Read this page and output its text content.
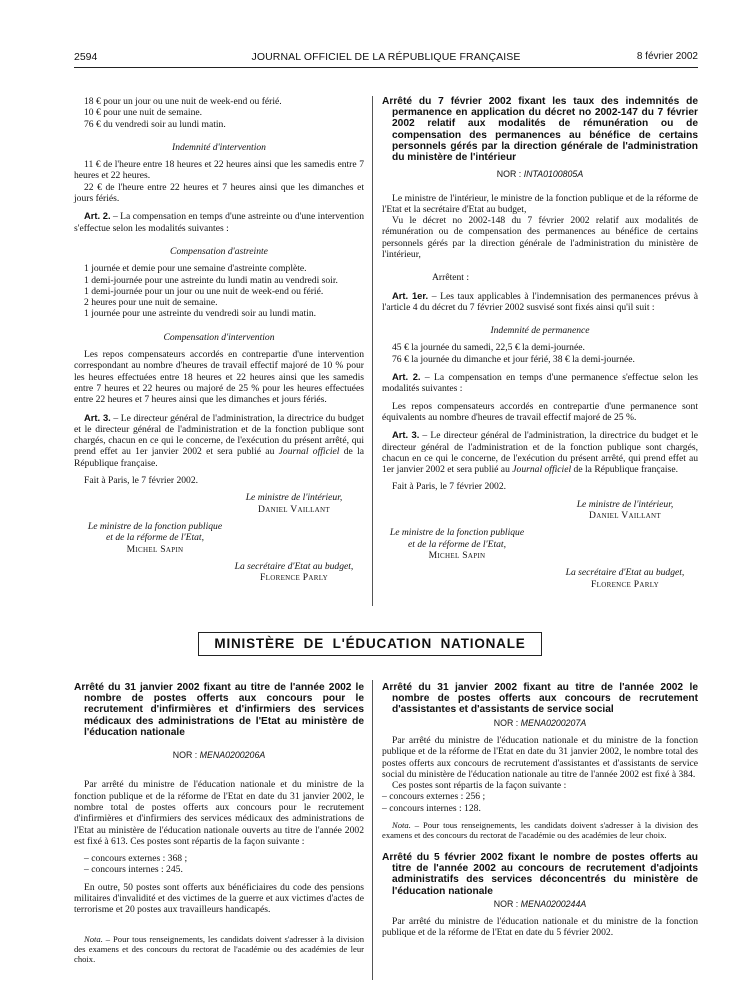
2594	JOURNAL OFFICIEL DE LA RÉPUBLIQUE FRANÇAISE	8 février 2002

18 € pour un jour ou une nuit de week-end ou férié.

10 € pour une nuit de semaine.

76 € du vendredi soir au lundi matin.

Indemnité d'intervention

11 € de l'heure entre 18 heures et 22 heures ainsi que les samedis entre 7 heures et 22 heures.

22 € de l'heure entre 22 heures et 7 heures ainsi que les dimanches et jours fériés.

Art. 2. – La compensation en temps d'une astreinte ou d'une intervention s'effectue selon les modalités suivantes :

Compensation d'astreinte

1 journée et demie pour une semaine d'astreinte complète.

1 demi-journée pour une astreinte du lundi matin au vendredi soir.

1 demi-journée pour un jour ou une nuit de week-end ou férié.

2 heures pour une nuit de semaine.

1 journée pour une astreinte du vendredi soir au lundi matin.

Compensation d'intervention

Les repos compensateurs accordés en contrepartie d'une intervention correspondant au nombre d'heures de travail effectif majoré de 10 % pour les heures effectuées entre 18 heures et 22 heures ainsi que les samedis entre 7 heures et 22 heures ou majoré de 25 % pour les heures effectuées entre 22 heures et 7 heures ainsi que les dimanches et jours fériés.

Art. 3. – Le directeur général de l'administration, la directrice du budget et le directeur général de l'administration et de la fonction publique sont chargés, chacun en ce qui le concerne, de l'exécution du présent arrêté, qui prend effet au 1er janvier 2002 et sera publié au Journal officiel de la République française.

Fait à Paris, le 7 février 2002.

Le ministre de l'intérieur,
Daniel Vaillant
Le ministre de la fonction publique
et de la réforme de l'Etat,
Michel Sapin
La secrétaire d'Etat au budget,
Florence Parly

Arrêté du 7 février 2002 fixant les taux des indemnités de permanence en application du décret no 2002-147 du 7 février 2002 relatif aux modalités de rémunération ou de compensation des permanences au bénéfice de certains personnels gérés par la direction générale de l'administration du ministère de l'intérieur

NOR : INTA0100805A

Le ministre de l'intérieur, le ministre de la fonction publique et de la réforme de l'Etat et la secrétaire d'Etat au budget,

Vu le décret no 2002-148 du 7 février 2002 relatif aux modalités de rémunération ou de compensation des permanences au bénéfice de certains personnels gérés par la direction générale de l'administration du ministère de l'intérieur,

Arrêtent :

Art. 1er. – Les taux applicables à l'indemnisation des permanences prévus à l'article 4 du décret du 7 février 2002 susvisé sont fixés ainsi qu'il suit :

Indemnité de permanence

45 € la journée du samedi, 22,5 € la demi-journée.

76 € la journée du dimanche et jour férié, 38 € la demi-journée.

Art. 2. – La compensation en temps d'une permanence s'effectue selon les modalités suivantes :

Les repos compensateurs accordés en contrepartie d'une permanence sont équivalents au nombre d'heures de travail effectif majoré de 25 %.

Art. 3. – Le directeur général de l'administration, la directrice du budget et le directeur général de l'administration et de la fonction publique sont chargés, chacun en ce qui le concerne, de l'exécution du présent arrêté, qui prend effet au 1er janvier 2002 et sera publié au Journal officiel de la République française.

Fait à Paris, le 7 février 2002.

Le ministre de l'intérieur,
Daniel Vaillant
Le ministre de la fonction publique
et de la réforme de l'Etat,
Michel Sapin
La secrétaire d'Etat au budget,
Florence Parly
MINISTÈRE DE L'ÉDUCATION NATIONALE

Arrêté du 31 janvier 2002 fixant au titre de l'année 2002 le nombre de postes offerts aux concours pour le recrutement d'infirmières et d'infirmiers des services médicaux des administrations de l'Etat au ministère de l'éducation nationale

NOR : MENA0200206A

Par arrêté du ministre de l'éducation nationale et du ministre de la fonction publique et de la réforme de l'Etat en date du 31 janvier 2002, le nombre total de postes offerts aux concours pour le recrutement d'infirmières et d'infirmiers des services médicaux des administrations de l'Etat au ministère de l'éducation nationale ouverts au titre de l'année 2002 est fixé à 613. Ces postes sont répartis de la façon suivante :

– concours externes : 368 ;

– concours internes : 245.

En outre, 50 postes sont offerts aux bénéficiaires du code des pensions militaires d'invalidité et des victimes de la guerre et aux victimes d'actes de terrorisme et 20 postes aux travailleurs handicapés.

Nota. – Pour tous renseignements, les candidats doivent s'adresser à la division des examens et des concours du rectorat de l'académie ou des académies de leur choix.

Arrêté du 31 janvier 2002 fixant au titre de l'année 2002 le nombre de postes offerts aux concours de recrutement d'assistantes et d'assistants de service social

NOR : MENA0200207A

Par arrêté du ministre de l'éducation nationale et du ministre de la fonction publique et de la réforme de l'Etat en date du 31 janvier 2002, le nombre total des postes offerts aux concours de recrutement d'assistantes et d'assistants de service social du ministère de l'éducation nationale au titre de l'année 2002 est fixé à 384.

Ces postes sont répartis de la façon suivante :

– concours externes : 256 ;

– concours internes : 128.

Nota. – Pour tous renseignements, les candidats doivent s'adresser à la division des examens et des concours du rectorat de l'académie ou des académies de leur choix.

Arrêté du 5 février 2002 fixant le nombre de postes offerts au titre de l'année 2002 au concours de recrutement d'adjoints administratifs des services déconcentrés du ministère de l'éducation nationale

NOR : MENA0200244A

Par arrêté du ministre de l'éducation nationale et du ministre de la fonction publique et de la réforme de l'Etat en date du 5 février 2002.
